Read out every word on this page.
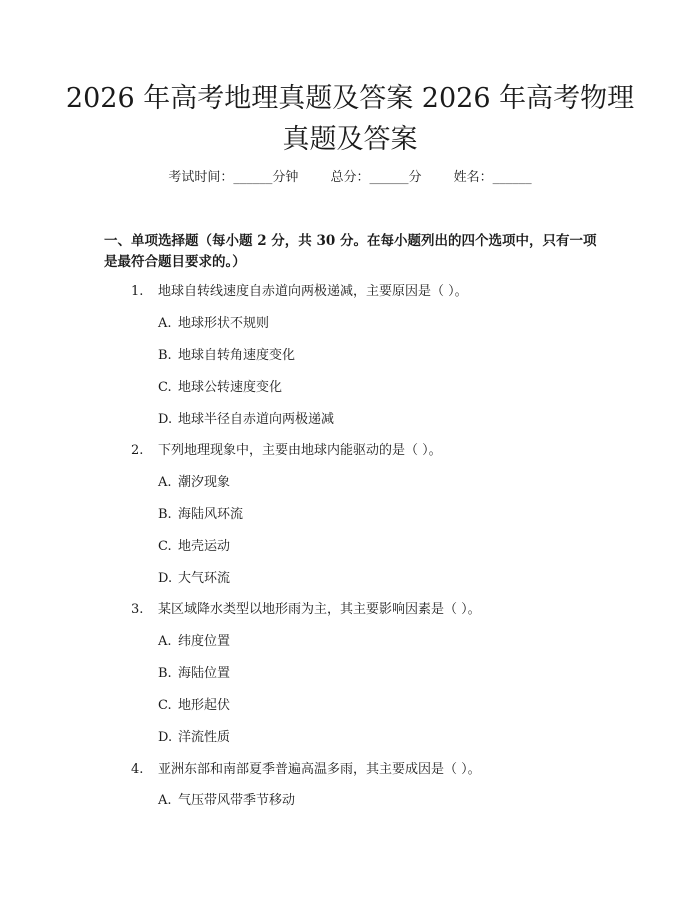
2026 年高考地理真题及答案 2026 年高考物理真题及答案
考试时间：______分钟 总分：______分 姓名：______

一、单项选择题（每小题 2 分，共 30 分。在每小题列出的四个选项中，只有一项是最符合题目要求的。）

1. 地球自转线速度自赤道向两极递减，主要原因是（ ）。
A. 地球形状不规则
B. 地球自转角速度变化
C. 地球公转速度变化
D. 地球半径自赤道向两极递减
2. 下列地理现象中，主要由地球内能驱动的是（ ）。
A. 潮汐现象
B. 海陆风环流
C. 地壳运动
D. 大气环流
3. 某区域降水类型以地形雨为主，其主要影响因素是（ ）。
A. 纬度位置
B. 海陆位置
C. 地形起伏
D. 洋流性质
4. 亚洲东部和南部夏季普遍高温多雨，其主要成因是（ ）。
A. 气压带风带季节移动
